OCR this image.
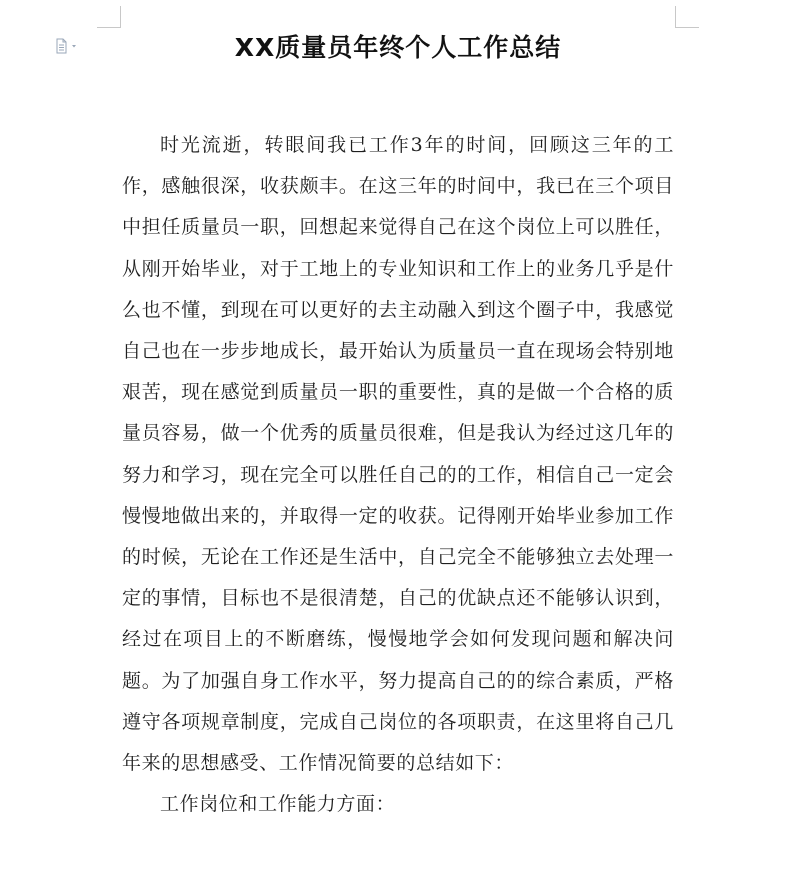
XX质量员年终个人工作总结

时光流逝，转眼间我已工作3年的时间，回顾这三年的工作，感触很深，收获颇丰。在这三年的时间中，我已在三个项目中担任质量员一职，回想起来觉得自己在这个岗位上可以胜任，从刚开始毕业，对于工地上的专业知识和工作上的业务几乎是什么也不懂，到现在可以更好的去主动融入到这个圈子中，我感觉自己也在一步步地成长，最开始认为质量员一直在现场会特别地艰苦，现在感觉到质量员一职的重要性，真的是做一个合格的质量员容易，做一个优秀的质量员很难，但是我认为经过这几年的努力和学习，现在完全可以胜任自己的的工作，相信自己一定会慢慢地做出来的，并取得一定的收获。记得刚开始毕业参加工作的时候，无论在工作还是生活中，自己完全不能够独立去处理一定的事情，目标也不是很清楚，自己的优缺点还不能够认识到，经过在项目上的不断磨练，慢慢地学会如何发现问题和解决问题。为了加强自身工作水平，努力提高自己的的综合素质，严格遵守各项规章制度，完成自己岗位的各项职责，在这里将自己几年来的思想感受、工作情况简要的总结如下：

工作岗位和工作能力方面：
